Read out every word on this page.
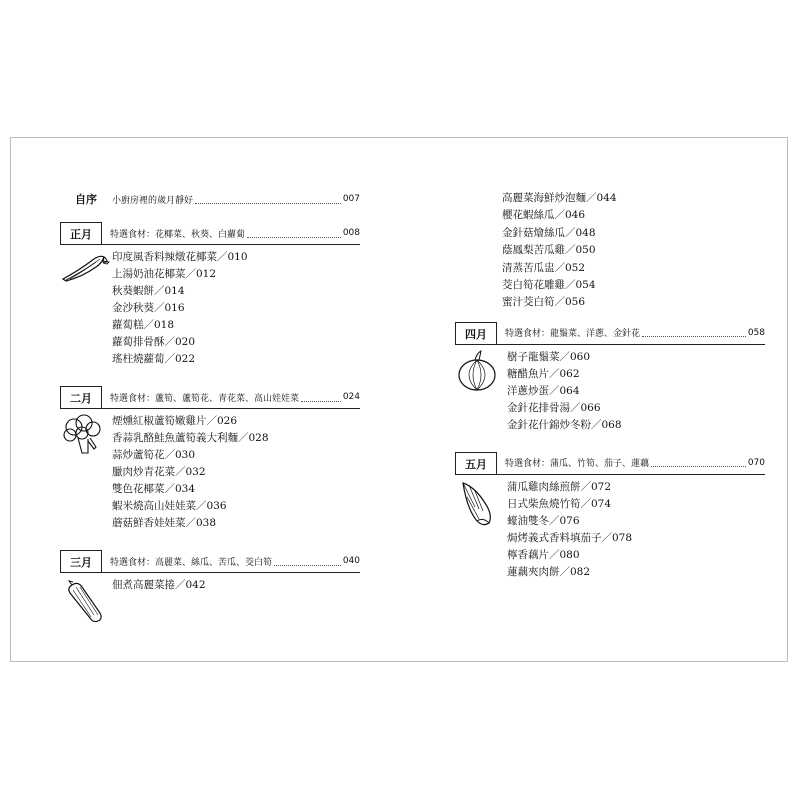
自序	小廚房裡的歲月靜好	007
正月	特選食材：花椰菜、秋葵、白蘿蔔	008
印度風香料辣燉花椰菜／010
上湯奶油花椰菜／012
秋葵蝦餅／014
金沙秋葵／016
蘿蔔糕／018
蘿蔔排骨酥／020
瑤柱燒蘿蔔／022
二月	特選食材：蘆筍、蘆筍花、青花菜、高山娃娃菜	024
煙燻紅椒蘆筍嫩雞片／026
香蒜乳酪鮭魚蘆筍義大利麵／028
蒜炒蘆筍花／030
臘肉炒青花菜／032
雙色花椰菜／034
蝦米燒高山娃娃菜／036
蘑菇鮮香娃娃菜／038
三月	特選食材：高麗菜、絲瓜、苦瓜、茭白筍	040
佃煮高麗菜捲／042
高麗菜海鮮炒泡麵／044
櫻花蝦絲瓜／046
金針菇燴絲瓜／048
蔭鳳梨苦瓜雞／050
清蒸苦瓜盅／052
茭白筍花雕雞／054
蜜汁茭白筍／056
四月	特選食材：龍鬚菜、洋蔥、金針花	058
樹子龍鬚菜／060
糖醋魚片／062
洋蔥炒蛋／064
金針花排骨湯／066
金針花什錦炒冬粉／068
五月	特選食材：蒲瓜、竹筍、茄子、蓮藕	070
蒲瓜雞肉絲煎餅／072
日式柴魚燒竹筍／074
蠔油雙冬／076
焗烤義式香料填茄子／078
檸香藕片／080
蓮藕夾肉餅／082
